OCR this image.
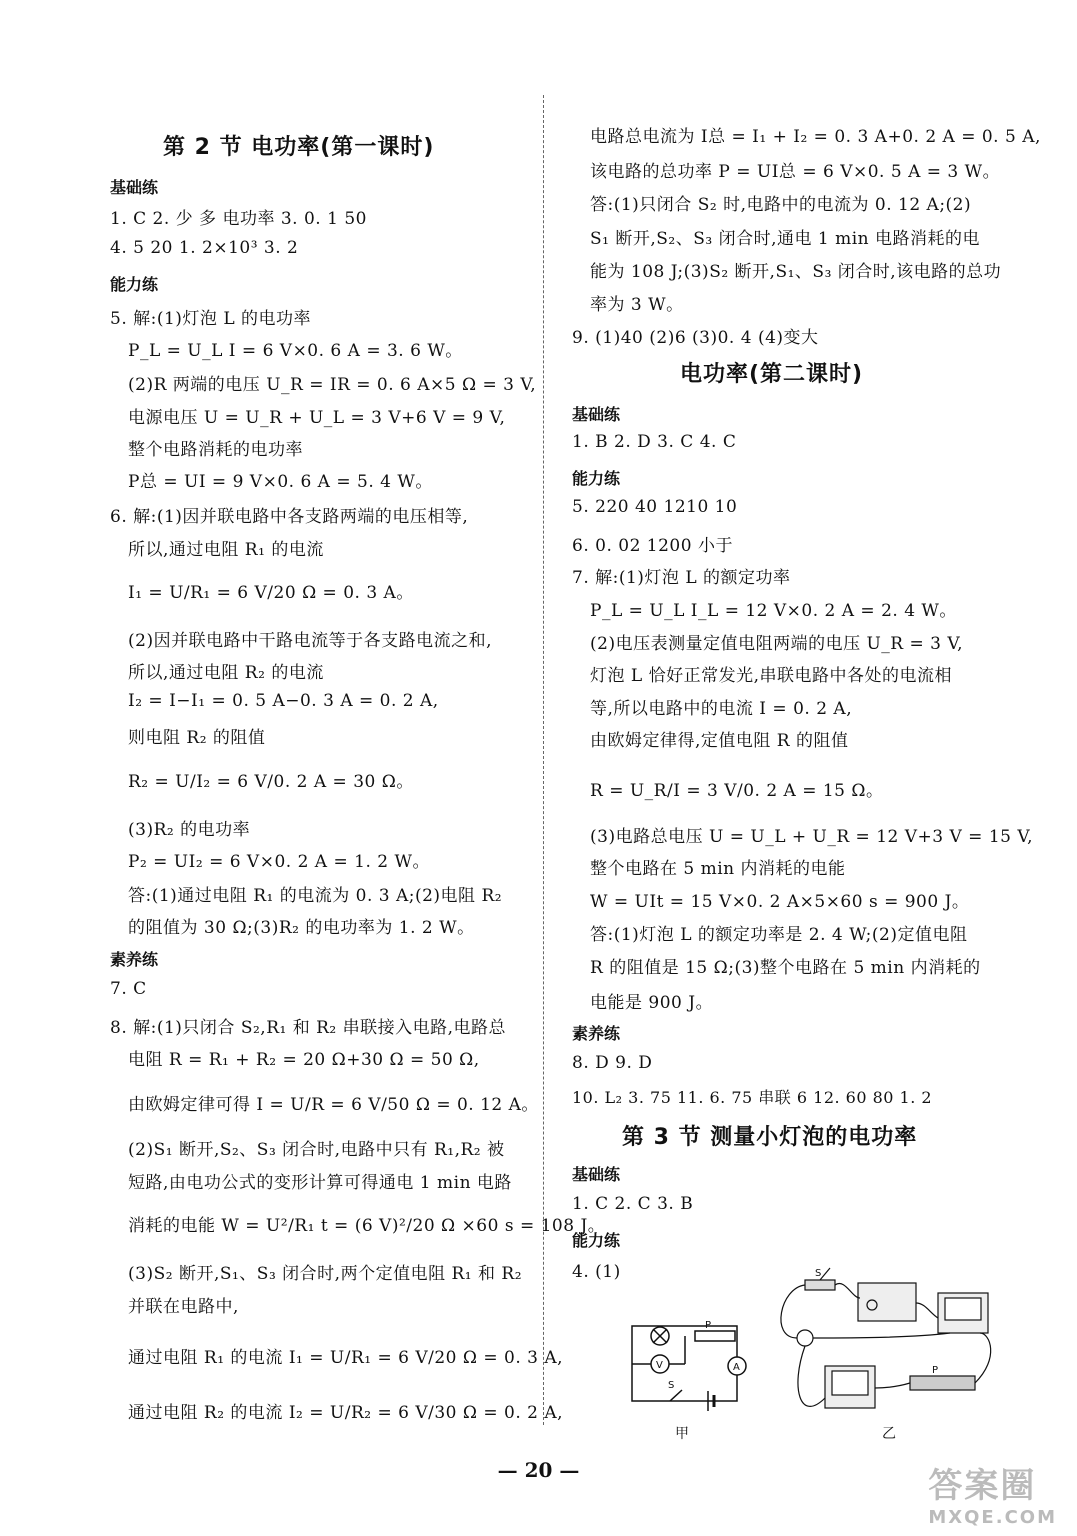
第 2 节 电功率(第一课时)
基础练
1. C 2. 少 多 电功率 3. 0. 1 50
4. 5 20 1. 2×10³ 3. 2
能力练
5. 解:(1)灯泡 L 的电功率
P_L = U_L I = 6 V×0. 6 A = 3. 6 W。
(2)R 两端的电压 U_R = IR = 0. 6 A×5 Ω = 3 V,
电源电压 U = U_R + U_L = 3 V+6 V = 9 V,
整个电路消耗的电功率
P总 = UI = 9 V×0. 6 A = 5. 4 W。
6. 解:(1)因并联电路中各支路两端的电压相等,
所以,通过电阻 R₁ 的电流
I₁ = U/R₁ = 6 V/20 Ω = 0. 3 A。
(2)因并联电路中干路电流等于各支路电流之和,
所以,通过电阻 R₂ 的电流
I₂ = I−I₁ = 0. 5 A−0. 3 A = 0. 2 A,
则电阻 R₂ 的阻值
R₂ = U/I₂ = 6 V/0. 2 A = 30 Ω。
(3)R₂ 的电功率
P₂ = UI₂ = 6 V×0. 2 A = 1. 2 W。
答:(1)通过电阻 R₁ 的电流为 0. 3 A;(2)电阻 R₂
的阻值为 30 Ω;(3)R₂ 的电功率为 1. 2 W。
素养练
7. C
8. 解:(1)只闭合 S₂,R₁ 和 R₂ 串联接入电路,电路总
电阻 R = R₁ + R₂ = 20 Ω+30 Ω = 50 Ω,
由欧姆定律可得 I = U/R = 6 V/50 Ω = 0. 12 A。
(2)S₁ 断开,S₂、S₃ 闭合时,电路中只有 R₁,R₂ 被
短路,由电功公式的变形计算可得通电 1 min 电路
消耗的电能 W = U²/R₁ t = (6 V)²/20 Ω ×60 s = 108 J。
(3)S₂ 断开,S₁、S₃ 闭合时,两个定值电阻 R₁ 和 R₂
并联在电路中,
通过电阻 R₁ 的电流 I₁ = U/R₁ = 6 V/20 Ω = 0. 3 A,
通过电阻 R₂ 的电流 I₂ = U/R₂ = 6 V/30 Ω = 0. 2 A,
电路总电流为 I总 = I₁ + I₂ = 0. 3 A+0. 2 A = 0. 5 A,
该电路的总功率 P = UI总 = 6 V×0. 5 A = 3 W。
答:(1)只闭合 S₂ 时,电路中的电流为 0. 12 A;(2)
S₁ 断开,S₂、S₃ 闭合时,通电 1 min 电路消耗的电
能为 108 J;(3)S₂ 断开,S₁、S₃ 闭合时,该电路的总功
率为 3 W。
9. (1)40 (2)6 (3)0. 4 (4)变大
电功率(第二课时)
基础练
1. B 2. D 3. C 4. C
能力练
5. 220 40 1210 10
6. 0. 02 1200 小于
7. 解:(1)灯泡 L 的额定功率
P_L = U_L I_L = 12 V×0. 2 A = 2. 4 W。
(2)电压表测量定值电阻两端的电压 U_R = 3 V,
灯泡 L 恰好正常发光,串联电路中各处的电流相
等,所以电路中的电流 I = 0. 2 A,
由欧姆定律得,定值电阻 R 的阻值
R = U_R/I = 3 V/0. 2 A = 15 Ω。
(3)电路总电压 U = U_L + U_R = 12 V+3 V = 15 V,
整个电路在 5 min 内消耗的电能
W = UIt = 15 V×0. 2 A×5×60 s = 900 J。
答:(1)灯泡 L 的额定功率是 2. 4 W;(2)定值电阻
R 的阻值是 15 Ω;(3)整个电路在 5 min 内消耗的
电能是 900 J。
素养练
8. D 9. D
10. L₂ 3. 75 11. 6. 75 串联 6 12. 60 80 1. 2
第 3 节 测量小灯泡的电功率
基础练
1. C 2. C 3. B
能力练
4. (1)
V	A
S
P
甲
S
P
乙
— 20 —	答案圈
MXQE.COM
